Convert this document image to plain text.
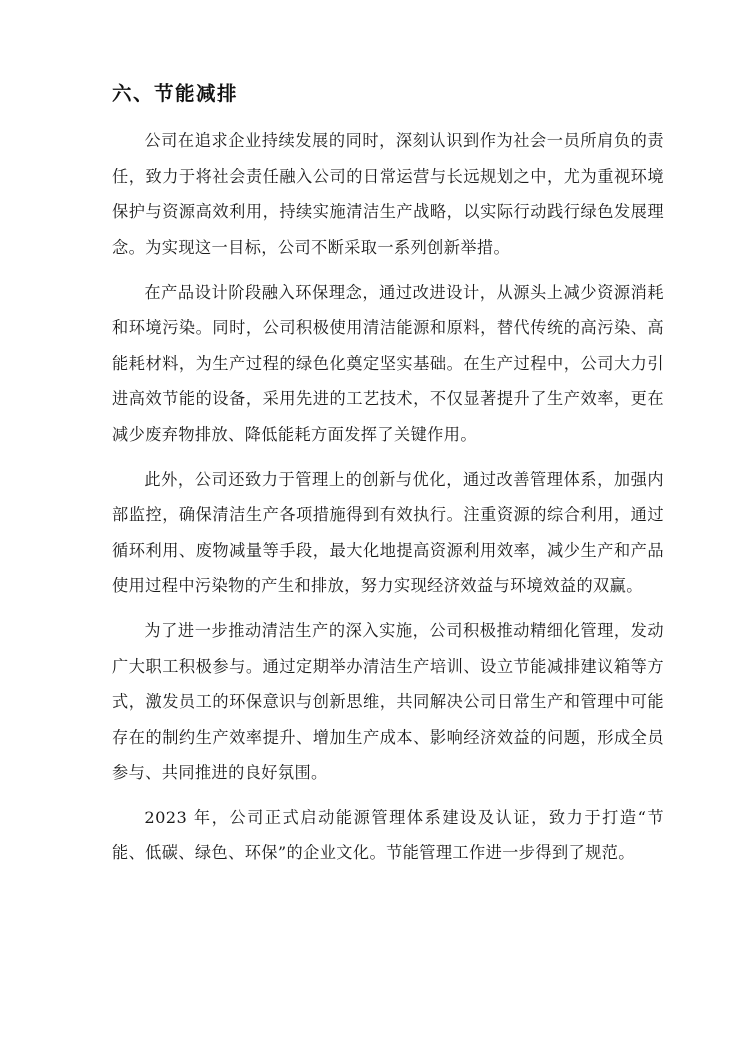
六、节能减排

公司在追求企业持续发展的同时，深刻认识到作为社会一员所肩负的责任，致力于将社会责任融入公司的日常运营与长远规划之中，尤为重视环境保护与资源高效利用，持续实施清洁生产战略，以实际行动践行绿色发展理念。为实现这一目标，公司不断采取一系列创新举措。

在产品设计阶段融入环保理念，通过改进设计，从源头上减少资源消耗和环境污染。同时，公司积极使用清洁能源和原料，替代传统的高污染、高能耗材料，为生产过程的绿色化奠定坚实基础。在生产过程中，公司大力引进高效节能的设备，采用先进的工艺技术，不仅显著提升了生产效率，更在减少废弃物排放、降低能耗方面发挥了关键作用。

此外，公司还致力于管理上的创新与优化，通过改善管理体系，加强内部监控，确保清洁生产各项措施得到有效执行。注重资源的综合利用，通过循环利用、废物减量等手段，最大化地提高资源利用效率，减少生产和产品使用过程中污染物的产生和排放，努力实现经济效益与环境效益的双赢。

为了进一步推动清洁生产的深入实施，公司积极推动精细化管理，发动广大职工积极参与。通过定期举办清洁生产培训、设立节能减排建议箱等方式，激发员工的环保意识与创新思维，共同解决公司日常生产和管理中可能存在的制约生产效率提升、增加生产成本、影响经济效益的问题，形成全员参与、共同推进的良好氛围。

2023 年，公司正式启动能源管理体系建设及认证，致力于打造“节能、低碳、绿色、环保”的企业文化。节能管理工作进一步得到了规范。
